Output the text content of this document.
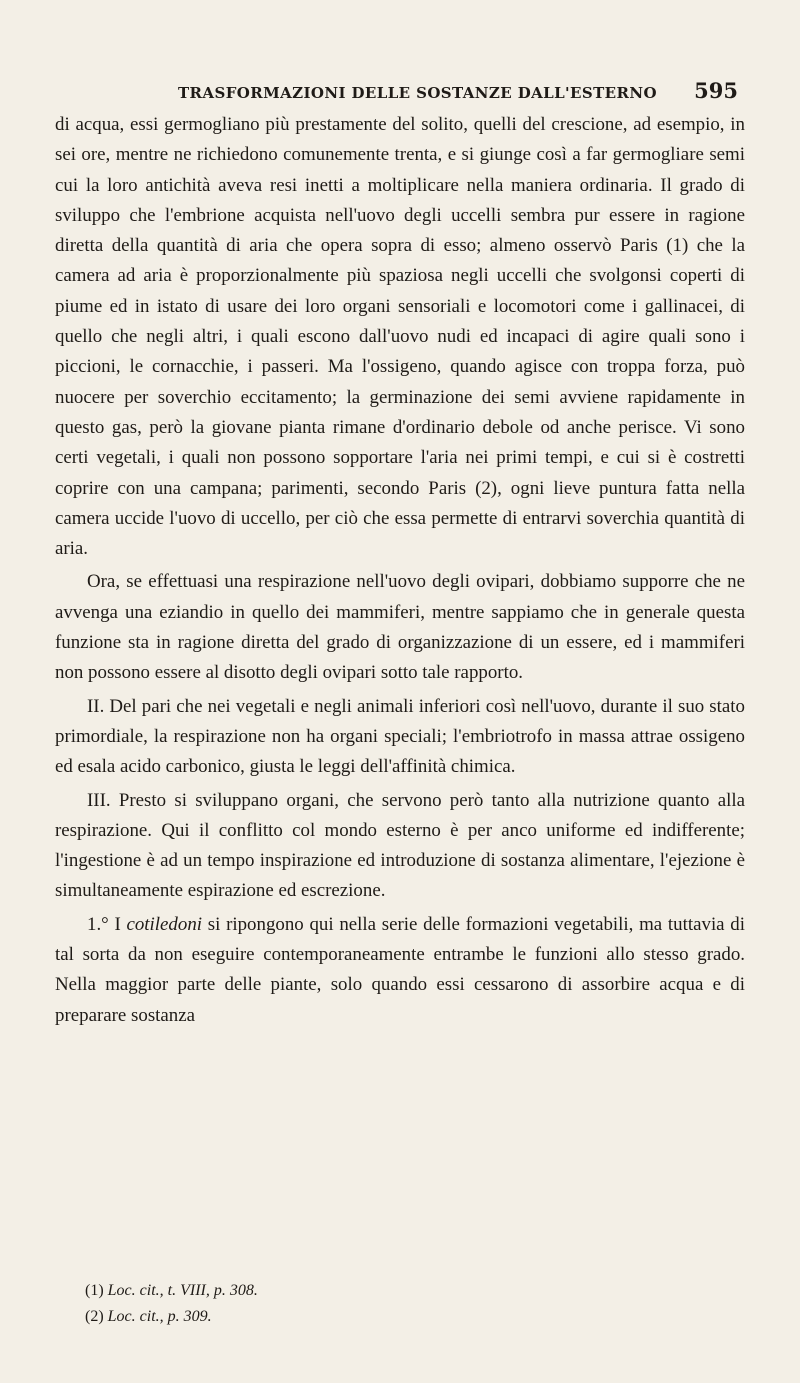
TRASFORMAZIONI DELLE SOSTANZE DALL'ESTERNO 595

di acqua, essi germogliano più prestamente del solito, quelli del crescione, ad esempio, in sei ore, mentre ne richiedono comunemente trenta, e si giunge così a far germogliare semi cui la loro antichità aveva resi inetti a moltiplicare nella maniera ordinaria. Il grado di sviluppo che l'embrione acquista nell'uovo degli uccelli sembra pur essere in ragione diretta della quantità di aria che opera sopra di esso; almeno osservò Paris (1) che la camera ad aria è proporzionalmente più spaziosa negli uccelli che svolgonsi coperti di piume ed in istato di usare dei loro organi sensoriali e locomotori come i gallinacei, di quello che negli altri, i quali escono dall'uovo nudi ed incapaci di agire quali sono i piccioni, le cornacchie, i passeri. Ma l'ossigeno, quando agisce con troppa forza, può nuocere per soverchio eccitamento; la germinazione dei semi avviene rapidamente in questo gas, però la giovane pianta rimane d'ordinario debole od anche perisce. Vi sono certi vegetali, i quali non possono sopportare l'aria nei primi tempi, e cui si è costretti coprire con una campana; parimenti, secondo Paris (2), ogni lieve puntura fatta nella camera uccide l'uovo di uccello, per ciò che essa permette di entrarvi soverchia quantità di aria.

Ora, se effettuasi una respirazione nell'uovo degli ovipari, dobbiamo supporre che ne avvenga una eziandio in quello dei mammiferi, mentre sappiamo che in generale questa funzione sta in ragione diretta del grado di organizzazione di un essere, ed i mammiferi non possono essere al disotto degli ovipari sotto tale rapporto.

II. Del pari che nei vegetali e negli animali inferiori così nell'uovo, durante il suo stato primordiale, la respirazione non ha organi speciali; l'embriotrofo in massa attrae ossigeno ed esala acido carbonico, giusta le leggi dell'affinità chimica.

III. Presto si sviluppano organi, che servono però tanto alla nutrizione quanto alla respirazione. Qui il conflitto col mondo esterno è per anco uniforme ed indifferente; l'ingestione è ad un tempo inspirazione ed introduzione di sostanza alimentare, l'ejezione è simultaneamente espirazione ed escrezione.

1.° I cotiledoni si ripongono qui nella serie delle formazioni vegetabili, ma tuttavia di tal sorta da non eseguire contemporaneamente entrambe le funzioni allo stesso grado. Nella maggior parte delle piante, solo quando essi cessarono di assorbire acqua e di preparare sostanza

(1) Loc. cit., t. VIII, p. 308.

(2) Loc. cit., p. 309.
